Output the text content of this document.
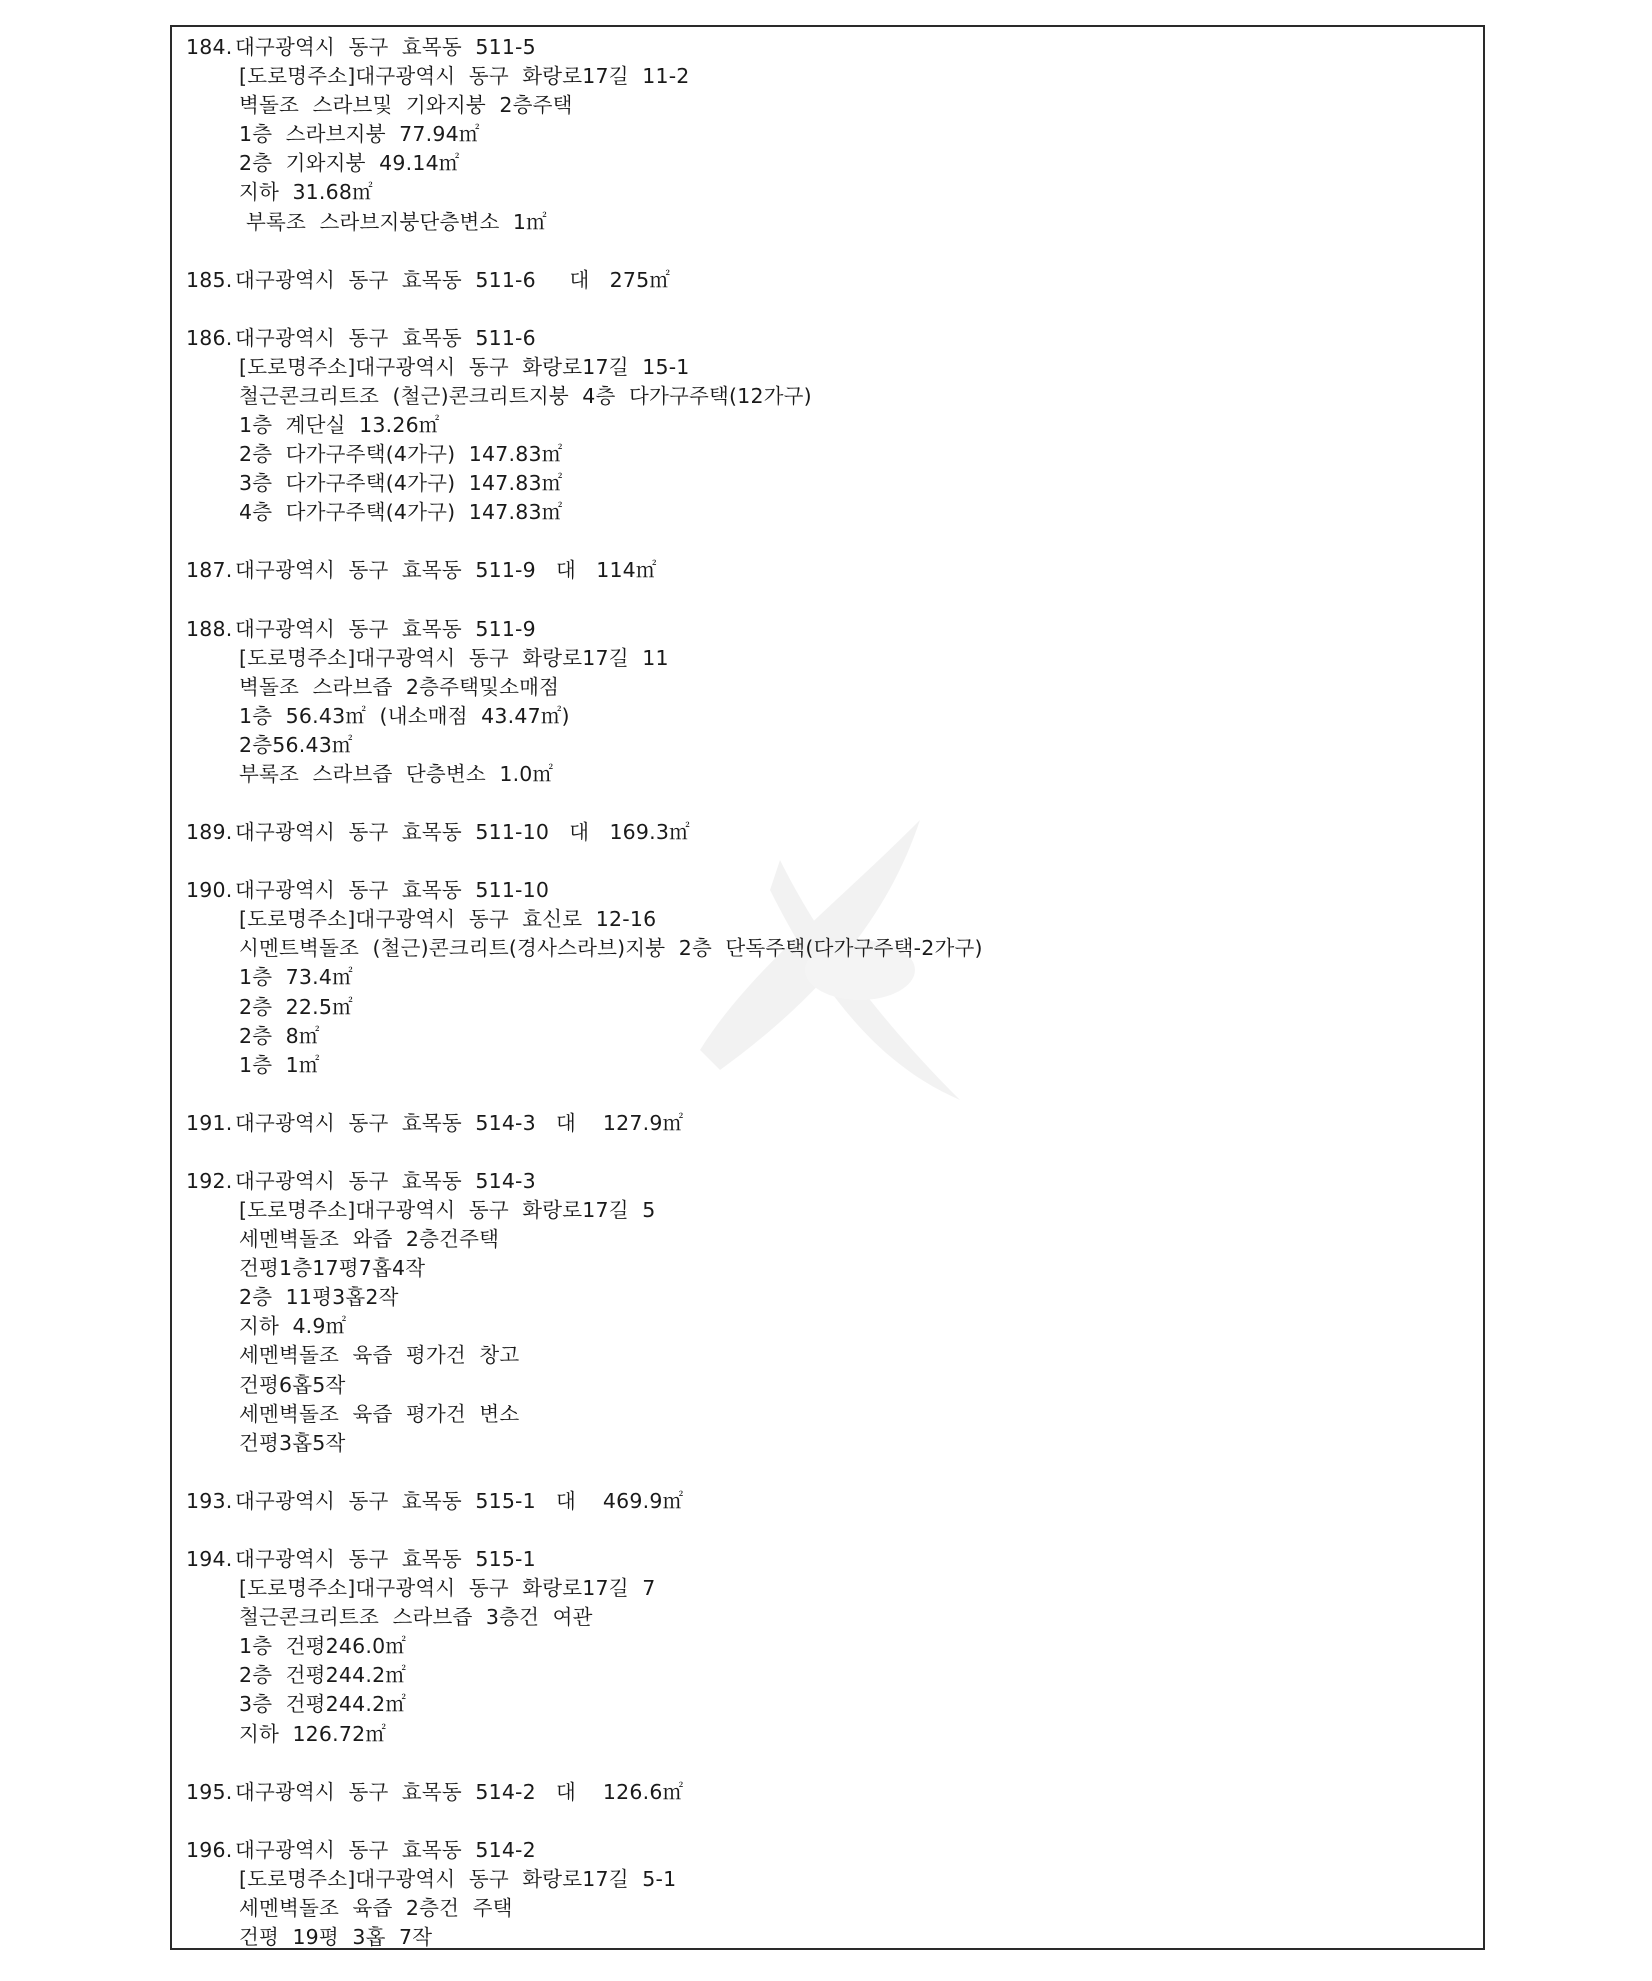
184. 대구광역시  동구  효목동  511-5
[도로명주소]대구광역시  동구  화랑로17길  11-2
벽돌조  스라브및  기와지붕  2층주택
1층  스라브지붕  77.94㎡
2층  기와지붕  49.14㎡
지하  31.68㎡
부록조  스라브지붕단층변소  1㎡
185. 대구광역시  동구  효목동  511-6     대   275㎡
186. 대구광역시  동구  효목동  511-6
[도로명주소]대구광역시  동구  화랑로17길  15-1
철근콘크리트조  (철근)콘크리트지붕  4층  다가구주택(12가구)
1층  계단실  13.26㎡
2층  다가구주택(4가구)  147.83㎡
3층  다가구주택(4가구)  147.83㎡
4층  다가구주택(4가구)  147.83㎡
187. 대구광역시  동구  효목동  511-9   대   114㎡
188. 대구광역시  동구  효목동  511-9
[도로명주소]대구광역시  동구  화랑로17길  11
벽돌조  스라브즙  2층주택및소매점
1층  56.43㎡  (내소매점  43.47㎡)
2층56.43㎡
부록조  스라브즙  단층변소  1.0㎡
189. 대구광역시  동구  효목동  511-10   대   169.3㎡
190. 대구광역시  동구  효목동  511-10
[도로명주소]대구광역시  동구  효신로  12-16
시멘트벽돌조  (철근)콘크리트(경사스라브)지붕  2층  단독주택(다가구주택-2가구)
1층  73.4㎡
2층  22.5㎡
2층  8㎡
1층  1㎡
191. 대구광역시  동구  효목동  514-3   대    127.9㎡
192. 대구광역시  동구  효목동  514-3
[도로명주소]대구광역시  동구  화랑로17길  5
세멘벽돌조  와즙  2층건주택
건평1층17평7홉4작
2층  11평3홉2작
지하  4.9㎡
세멘벽돌조  육즙  평가건  창고
건평6홉5작
세멘벽돌조  육즙  평가건  변소
건평3홉5작
193. 대구광역시  동구  효목동  515-1   대    469.9㎡
194. 대구광역시  동구  효목동  515-1
[도로명주소]대구광역시  동구  화랑로17길  7
철근콘크리트조  스라브즙  3층건  여관
1층  건평246.0㎡
2층  건평244.2㎡
3층  건평244.2㎡
지하  126.72㎡
195. 대구광역시  동구  효목동  514-2   대    126.6㎡
196. 대구광역시  동구  효목동  514-2
[도로명주소]대구광역시  동구  화랑로17길  5-1
세멘벽돌조  육즙  2층건  주택
건평  19평  3홉  7작
